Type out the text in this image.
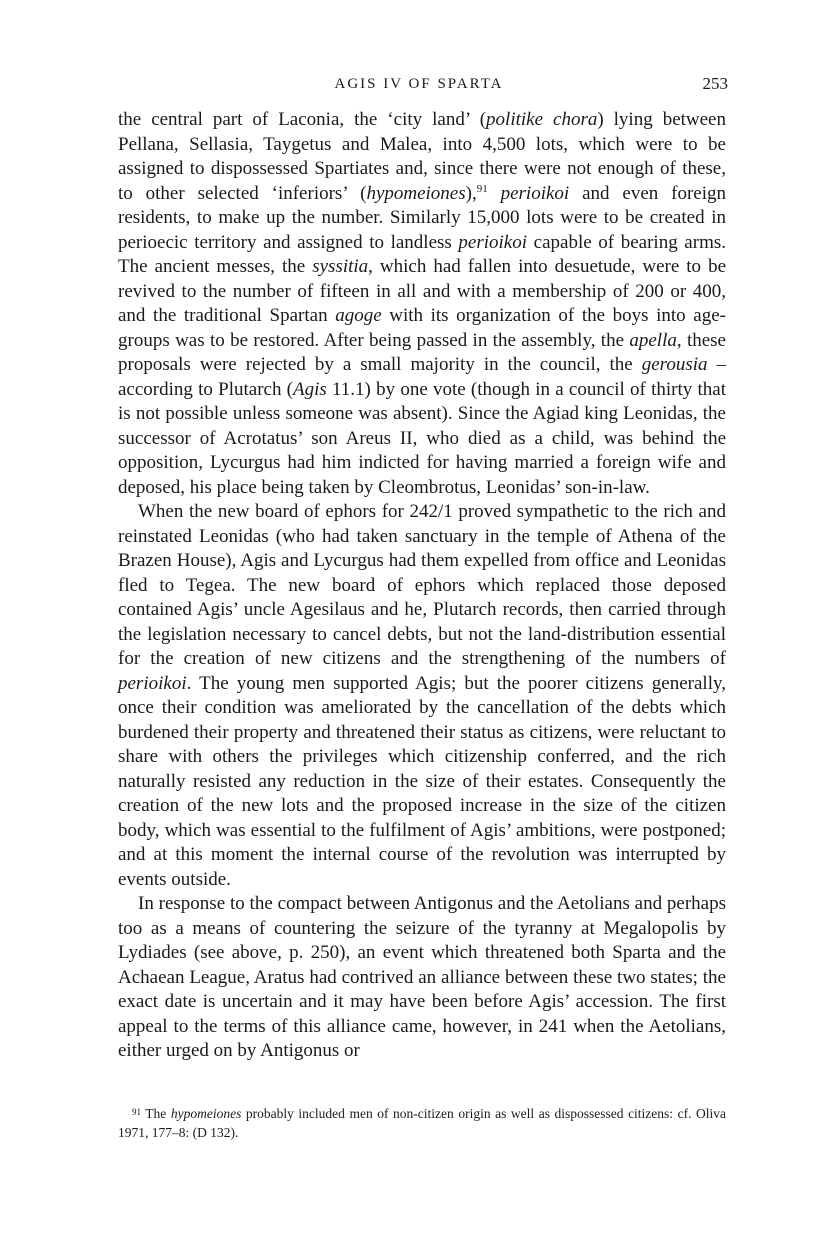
AGIS IV OF SPARTA	253

the central part of Laconia, the ‘city land’ (politike chora) lying between Pellana, Sellasia, Taygetus and Malea, into 4,500 lots, which were to be assigned to dispossessed Spartiates and, since there were not enough of these, to other selected ‘inferiors’ (hypomeiones),$^{91}$ perioikoi and even foreign residents, to make up the number. Similarly 15,000 lots were to be created in perioecic territory and assigned to landless perioikoi capable of bearing arms. The ancient messes, the syssitia, which had fallen into desuetude, were to be revived to the number of fifteen in all and with a membership of 200 or 400, and the traditional Spartan agoge with its organization of the boys into age-groups was to be restored. After being passed in the assembly, the apella, these proposals were rejected by a small majority in the council, the gerousia – according to Plutarch (Agis 11.1) by one vote (though in a council of thirty that is not possible unless someone was absent). Since the Agiad king Leonidas, the successor of Acrotatus’ son Areus II, who died as a child, was behind the opposition, Lycurgus had him indicted for having married a foreign wife and deposed, his place being taken by Cleombrotus, Leonidas’ son-in-law.

When the new board of ephors for 242/1 proved sympathetic to the rich and reinstated Leonidas (who had taken sanctuary in the temple of Athena of the Brazen House), Agis and Lycurgus had them expelled from office and Leonidas fled to Tegea. The new board of ephors which replaced those deposed contained Agis’ uncle Agesilaus and he, Plutarch records, then carried through the legislation necessary to cancel debts, but not the land-distribution essential for the creation of new citizens and the strengthening of the numbers of perioikoi. The young men supported Agis; but the poorer citizens generally, once their condition was ameliorated by the cancellation of the debts which burdened their property and threatened their status as citizens, were reluctant to share with others the privileges which citizenship conferred, and the rich naturally resisted any reduction in the size of their estates. Consequently the creation of the new lots and the proposed increase in the size of the citizen body, which was essential to the fulfilment of Agis’ ambitions, were postponed; and at this moment the internal course of the revolution was interrupted by events outside.

In response to the compact between Antigonus and the Aetolians and perhaps too as a means of countering the seizure of the tyranny at Megalopolis by Lydiades (see above, p. 250), an event which threatened both Sparta and the Achaean League, Aratus had contrived an alliance between these two states; the exact date is uncertain and it may have been before Agis’ accession. The first appeal to the terms of this alliance came, however, in 241 when the Aetolians, either urged on by Antigonus or

$^{91}$ The hypomeiones probably included men of non-citizen origin as well as dispossessed citizens: cf. Oliva 1971, 177–8: (D 132).
